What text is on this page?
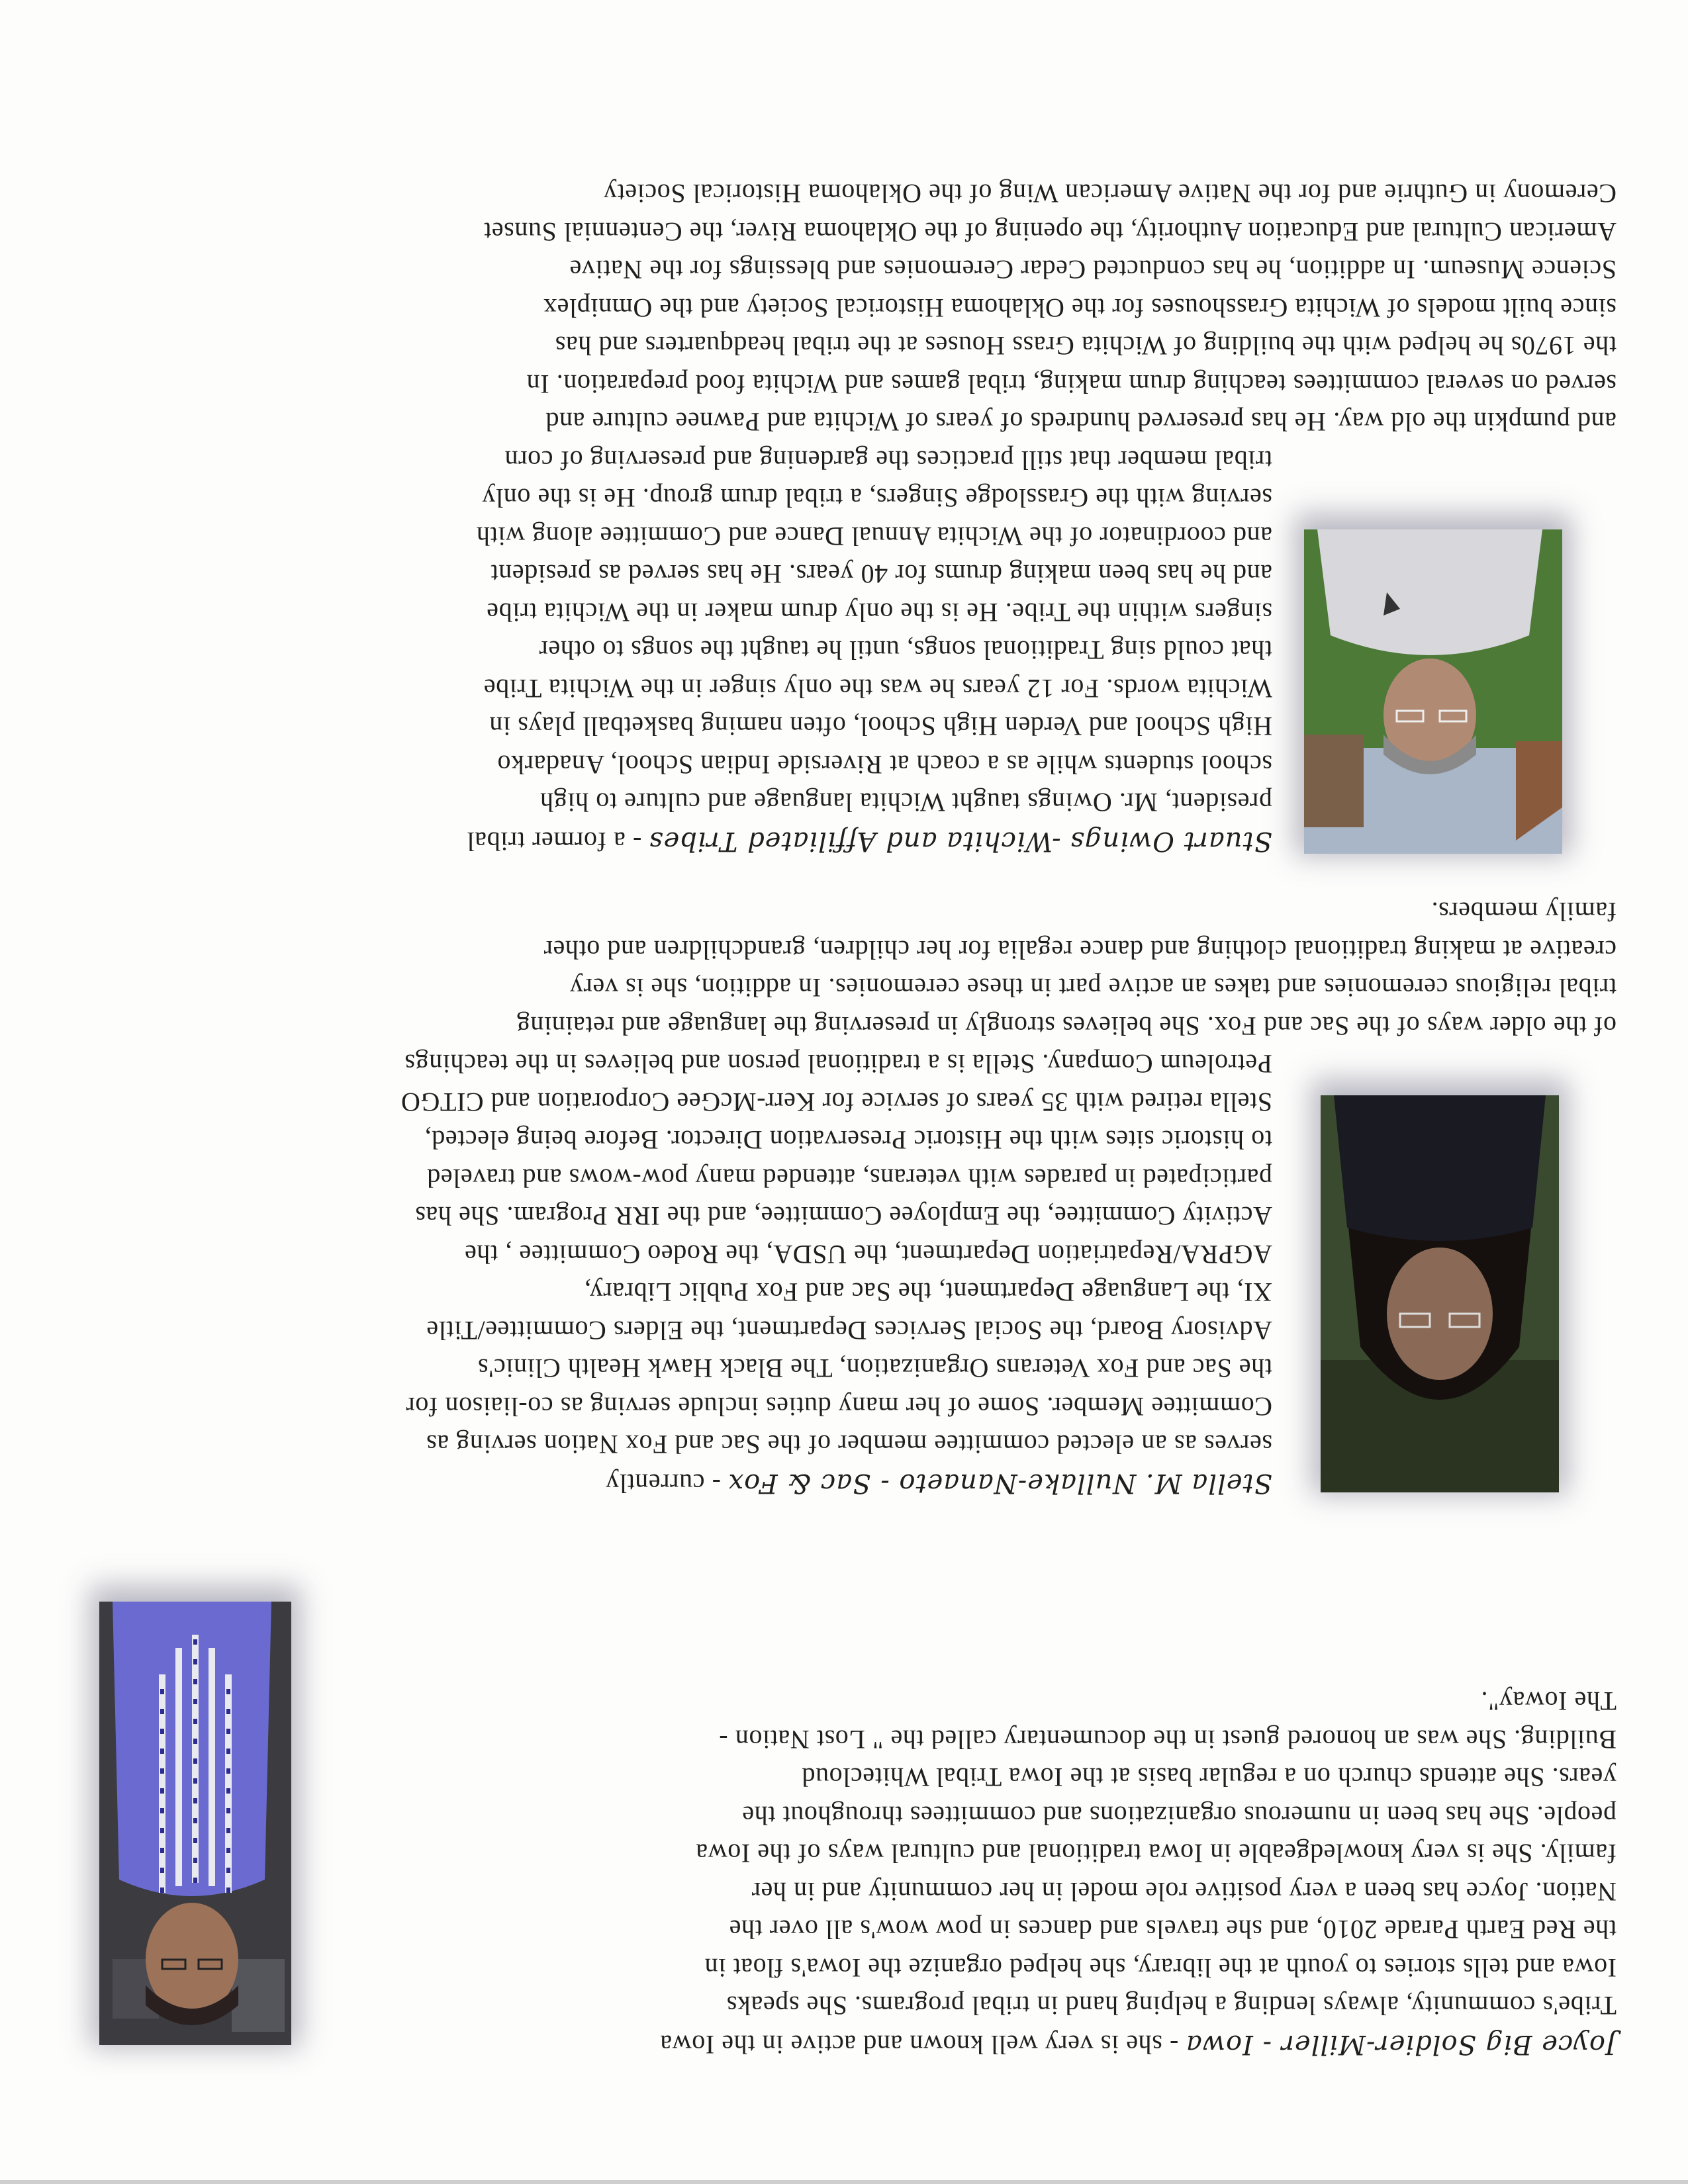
Joyce Big Soldier-Miller - Iowa - she is very well known and active in the Iowa
Tribe's community, always lending a helping hand in tribal programs. She speaks
Iowa and tells stories to youth at the library, she helped organize the Iowa's float in
the Red Earth Parade 2010, and she travels and dances in pow wow's all over the
Nation. Joyce has been a very positive role model in her community and in her
family. She is very knowledgeable in Iowa traditional and cultural ways of the Iowa
people. She has been in numerous organizations and committees throughout the
years. She attends church on a regular basis at the Iowa Tribal Whitecloud
Building. She was an honored guest in the documentary called the " Lost Nation -
The Ioway".
Stella M. Nullake-Nanaeto - Sac & Fox - currently
serves as an elected committee member of the Sac and Fox Nation serving as
Committee Member. Some of her many duties include serving as co-liaison for
the Sac and Fox Veterans Organization, The Black Hawk Health Clinic's
Advisory Board, the Social Services Department, the Elders Committee/Title
XI, the Language Department, the Sac and Fox Public Library,
AGPRA/Repatriation Department, the USDA, the Rodeo Committee , the
Activity Committee, the Employee Committee, and the IRR Program. She has
participated in parades with veterans, attended many pow-wows and traveled
to historic sites with the Historic Preservation Director. Before being elected,
Stella retired with 35 years of service for Kerr-McGee Corporation and CITGO
Petroleum Company. Stella is a traditional person and believes in the teachings
of the older ways of the Sac and Fox. She believes strongly in preserving the language and retaining
tribal religious ceremonies and takes an active part in these ceremonies. In addition, she is very
creative at making traditional clothing and dance regalia for her children, grandchildren and other
family members.
Stuart Owings -Wichita and Affiliated Tribes - a former tribal
president, Mr. Owings taught Wichita language and culture to high
school students while as a coach at Riverside Indian School, Anadarko
High School and Verden High School, often naming basketball plays in
Wichita words. For 12 years he was the only singer in the Wichita Tribe
that could sing Traditional songs, until he taught the songs to other
singers within the Tribe. He is the only drum maker in the Wichita tribe
and he has been making drums for 40 years. He has served as president
and coordinator of the Wichita Annual Dance and Committee along with
serving with the Grasslodge Singers, a tribal drum group. He is the only
tribal member that still practices the gardening and preserving of corn
and pumpkin the old way. He has preserved hundreds of years of Wichita and Pawnee culture and
served on several committees teaching drum making, tribal games and Wichita food preparation. In
the 1970s he helped with the building of Wichita Grass Houses at the tribal headquarters and has
since built models of Wichita Grasshouses for the Oklahoma Historical Society and the Omniplex
Science Museum. In addition, he has conducted Cedar Ceremonies and blessings for the Native
American Cultural and Education Authority, the opening of the Oklahoma River, the Centennial Sunset
Ceremony in Guthrie and for the Native American Wing of the Oklahoma Historical Society
